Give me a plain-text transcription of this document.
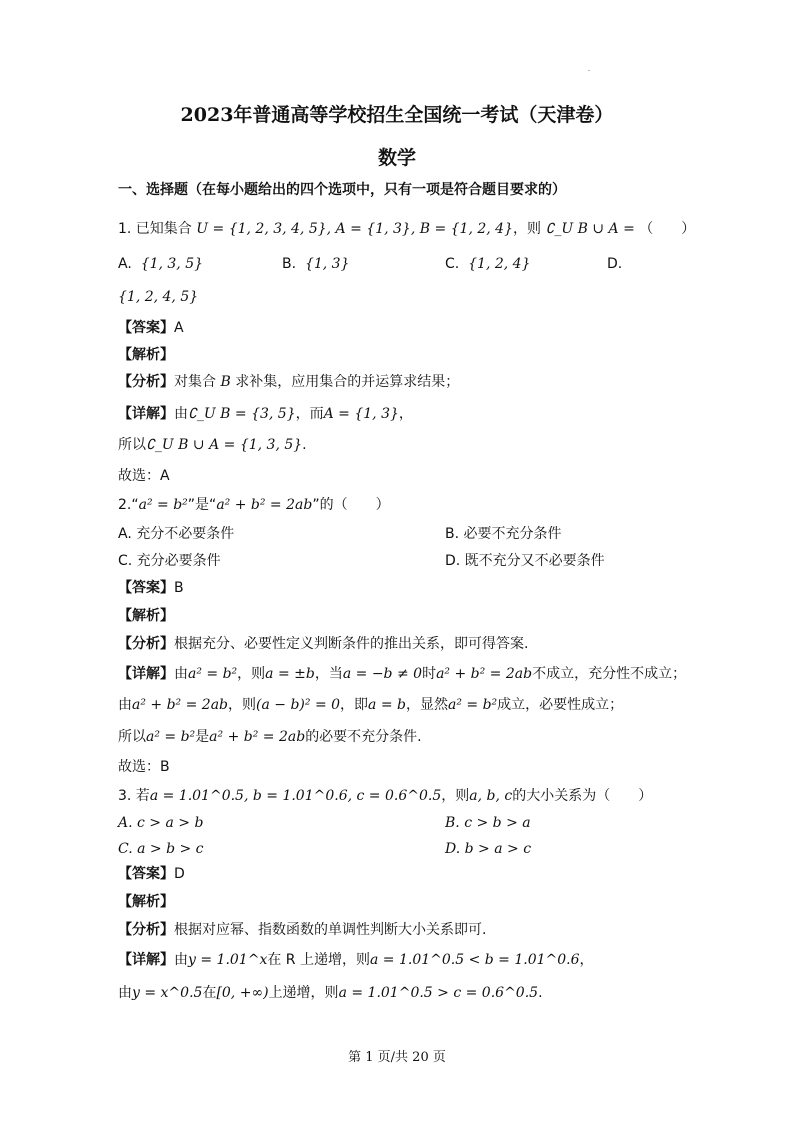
2023年普通高等学校招生全国统一考试（天津卷）
数学
一、选择题（在每小题给出的四个选项中，只有一项是符合题目要求的）
1. 已知集合 U = {1, 2, 3, 4, 5}, A = {1, 3}, B = {1, 2, 4}，则 ∁_U B ∪ A = （　　）
A. {1, 3, 5}	B. {1, 3}	C. {1, 2, 4}	D.
{1, 2, 4, 5}
【答案】A
【解析】
【分析】对集合 B 求补集，应用集合的并运算求结果；
【详解】由∁_U B = {3, 5}，而A = {1, 3}，
所以∁_U B ∪ A = {1, 3, 5}.
故选：A
2.“a² = b²”是“a² + b² = 2ab”的（　　）
A. 充分不必要条件	B. 必要不充分条件
C. 充分必要条件	D. 既不充分又不必要条件
【答案】B
【解析】
【分析】根据充分、必要性定义判断条件的推出关系，即可得答案.
【详解】由a² = b²，则a = ±b，当a = −b ≠ 0时a² + b² = 2ab不成立，充分性不成立；
由a² + b² = 2ab，则(a − b)² = 0，即a = b，显然a² = b²成立，必要性成立；
所以a² = b²是a² + b² = 2ab的必要不充分条件.
故选：B
3. 若a = 1.01^0.5, b = 1.01^0.6, c = 0.6^0.5，则a, b, c的大小关系为（　　）
A. c > a > b	B. c > b > a
C. a > b > c	D. b > a > c
【答案】D
【解析】
【分析】根据对应幂、指数函数的单调性判断大小关系即可.
【详解】由y = 1.01^x在 R 上递增，则a = 1.01^0.5 < b = 1.01^0.6，
由y = x^0.5在[0, +∞)上递增，则a = 1.01^0.5 > c = 0.6^0.5.
第 1 页/共 20 页
